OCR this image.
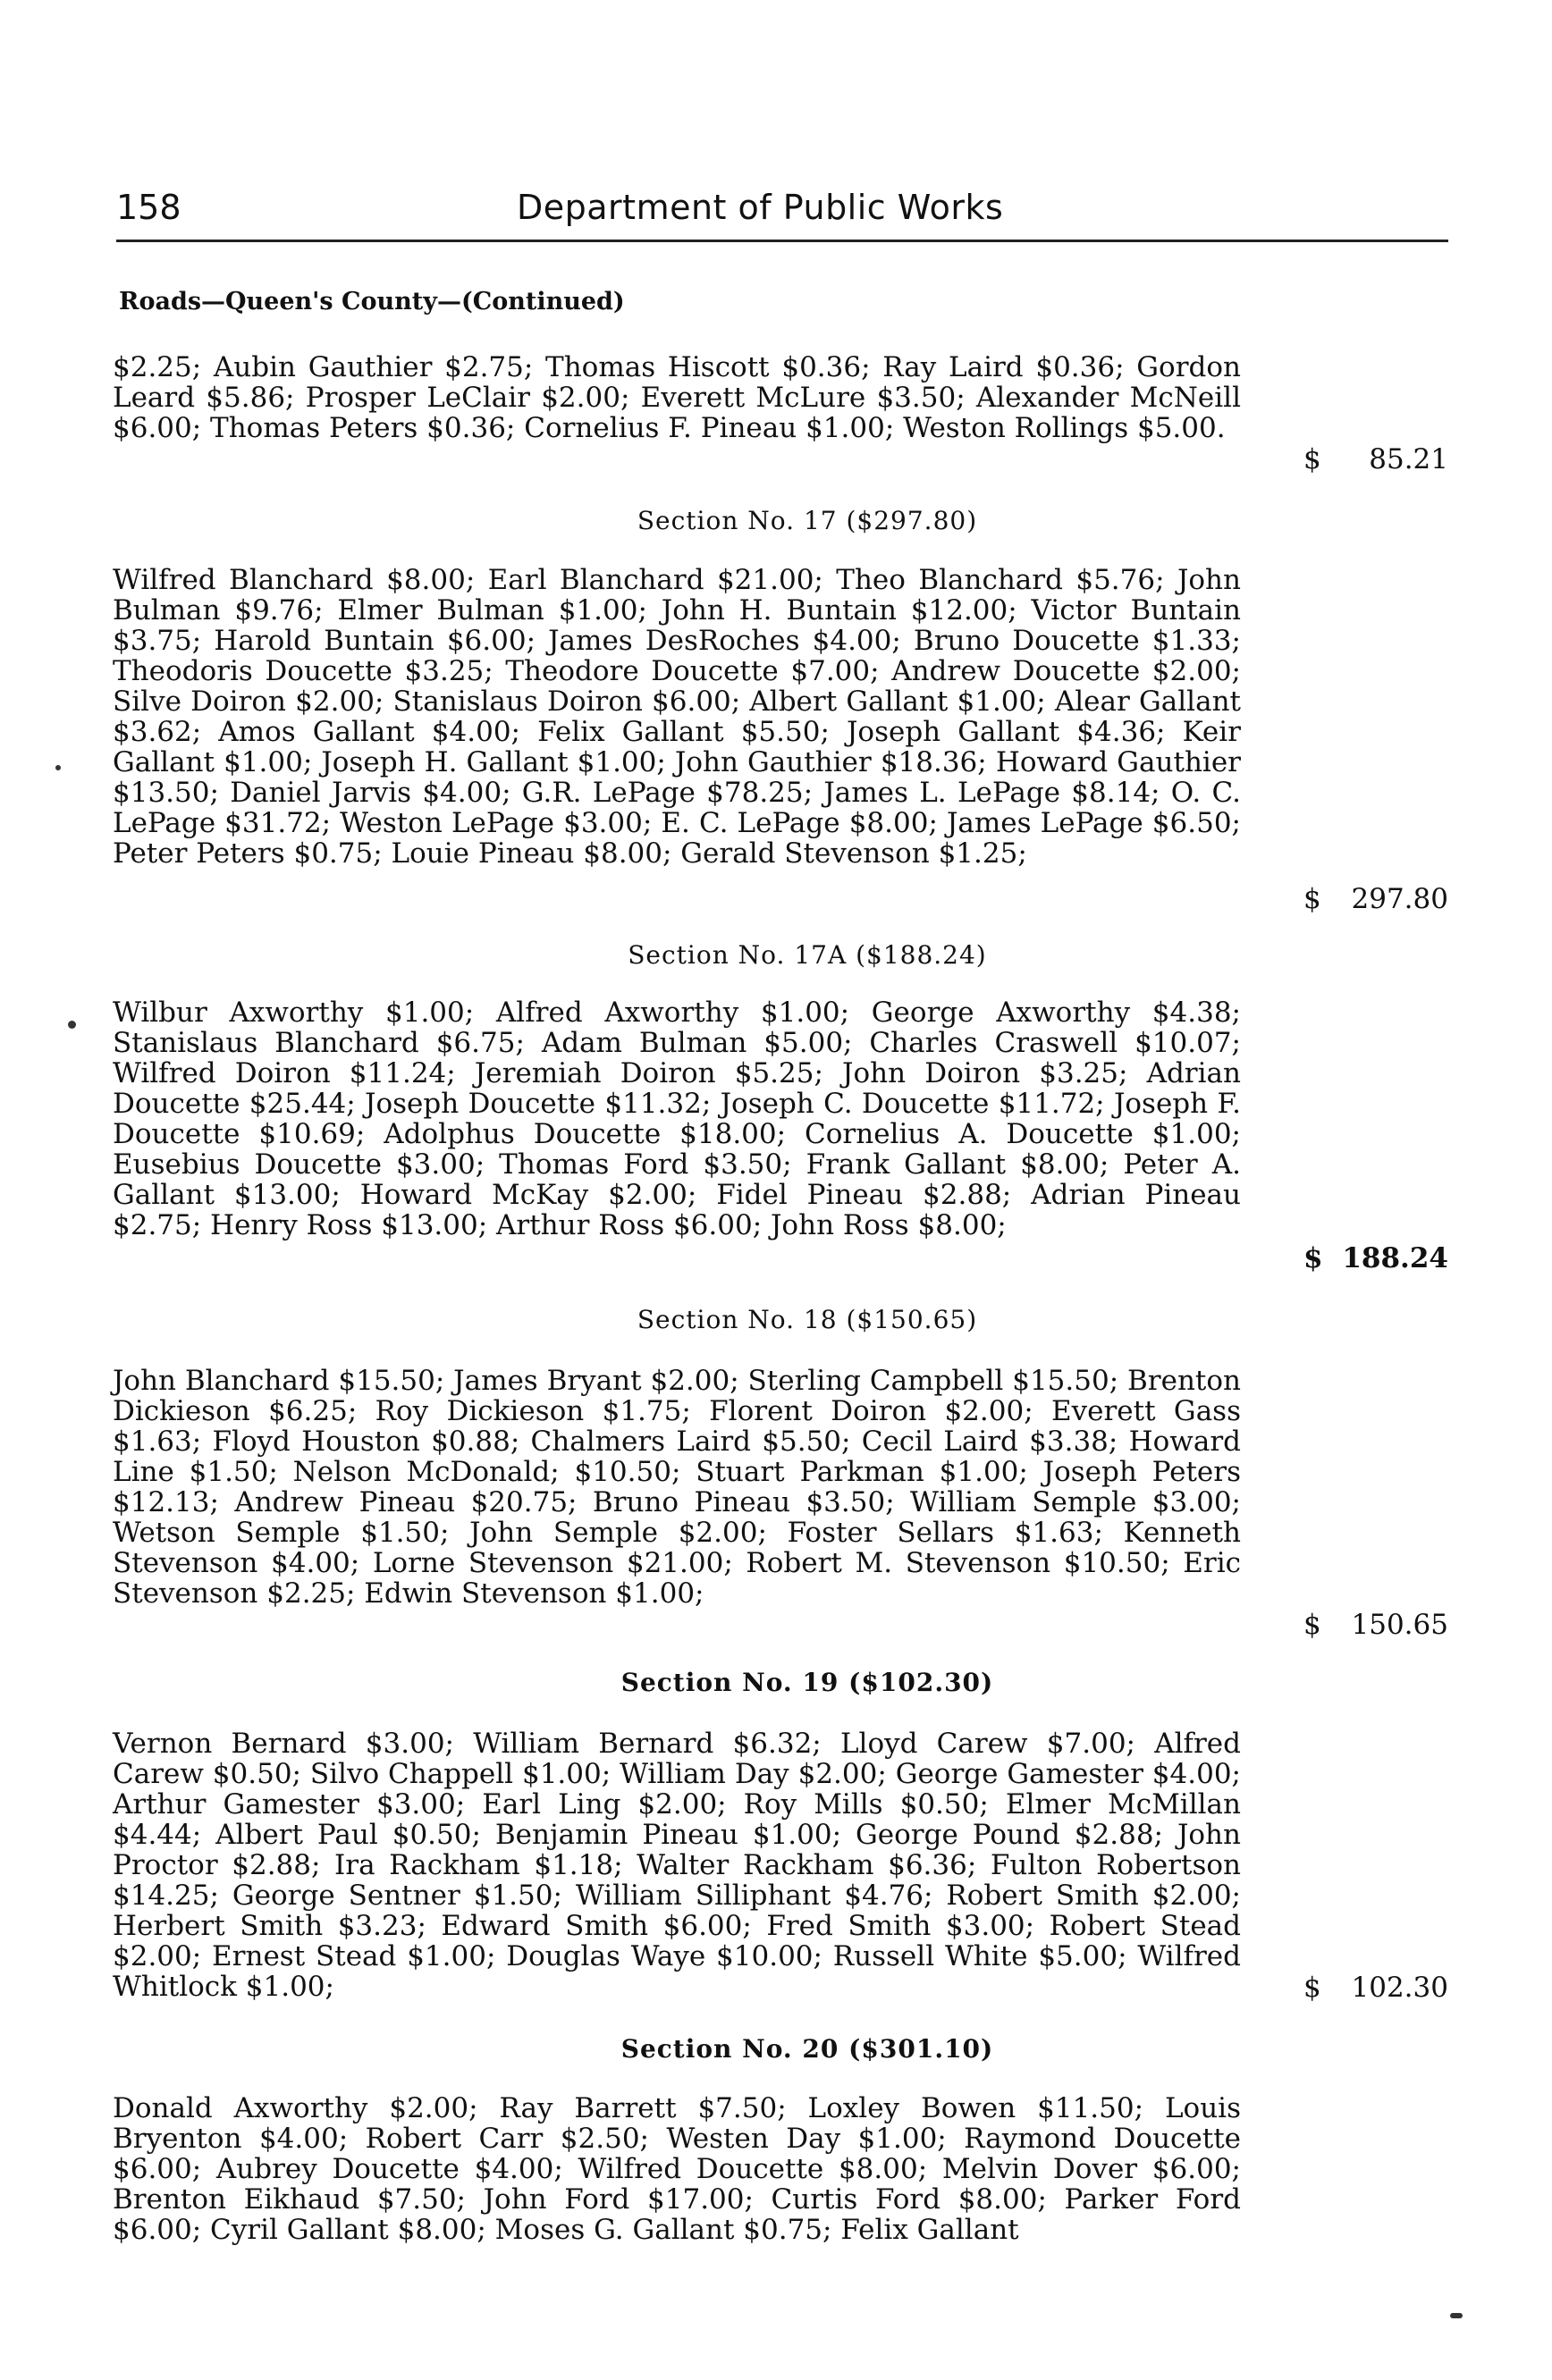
158	Department of Public Works
Roads—Queen's County—(Continued)
$2.25; Aubin Gauthier $2.75; Thomas Hiscott $0.36; Ray Laird $0.36; Gordon Leard $5.86; Prosper LeClair $2.00; Everett McLure $3.50; Alexander McNeill $6.00; Thomas Peters $0.36; Cornelius F. Pineau $1.00; Weston Rollings $5.00.
$ 85.21
Section No. 17 ($297.80)
Wilfred Blanchard $8.00; Earl Blanchard $21.00; Theo Blanchard $5.76; John Bulman $9.76; Elmer Bulman $1.00; John H. Buntain $12.00; Victor Buntain $3.75; Harold Buntain $6.00; James DesRoches $4.00; Bruno Doucette $1.33; Theodoris Doucette $3.25; Theodore Doucette $7.00; Andrew Doucette $2.00; Silve Doiron $2.00; Stanislaus Doiron $6.00; Albert Gallant $1.00; Alear Gallant $3.62; Amos Gallant $4.00; Felix Gallant $5.50; Joseph Gallant $4.36; Keir Gallant $1.00; Joseph H. Gallant $1.00; John Gauthier $18.36; Howard Gauthier $13.50; Daniel Jarvis $4.00; G.R. LePage $78.25; James L. LePage $8.14; O. C. LePage $31.72; Weston LePage $3.00; E. C. LePage $8.00; James LePage $6.50; Peter Peters $0.75; Louie Pineau $8.00; Gerald Stevenson $1.25;
$ 297.80
Section No. 17A ($188.24)
Wilbur Axworthy $1.00; Alfred Axworthy $1.00; George Axworthy $4.38; Stanislaus Blanchard $6.75; Adam Bulman $5.00; Charles Craswell $10.07; Wilfred Doiron $11.24; Jeremiah Doiron $5.25; John Doiron $3.25; Adrian Doucette $25.44; Joseph Doucette $11.32; Joseph C. Doucette $11.72; Joseph F. Doucette $10.69; Adolphus Doucette $18.00; Cornelius A. Doucette $1.00; Eusebius Doucette $3.00; Thomas Ford $3.50; Frank Gallant $8.00; Peter A. Gallant $13.00; Howard McKay $2.00; Fidel Pineau $2.88; Adrian Pineau $2.75; Henry Ross $13.00; Arthur Ross $6.00; John Ross $8.00;
$ 188.24
Section No. 18 ($150.65)
John Blanchard $15.50; James Bryant $2.00; Sterling Campbell $15.50; Brenton Dickieson $6.25; Roy Dickieson $1.75; Florent Doiron $2.00; Everett Gass $1.63; Floyd Houston $0.88; Chalmers Laird $5.50; Cecil Laird $3.38; Howard Line $1.50; Nelson McDonald; $10.50; Stuart Parkman $1.00; Joseph Peters $12.13; Andrew Pineau $20.75; Bruno Pineau $3.50; William Semple $3.00; Wetson Semple $1.50; John Semple $2.00; Foster Sellars $1.63; Kenneth Stevenson $4.00; Lorne Stevenson $21.00; Robert M. Stevenson $10.50; Eric Stevenson $2.25; Edwin Stevenson $1.00;
$ 150.65
Section No. 19 ($102.30)
Vernon Bernard $3.00; William Bernard $6.32; Lloyd Carew $7.00; Alfred Carew $0.50; Silvo Chappell $1.00; William Day $2.00; George Gamester $4.00; Arthur Gamester $3.00; Earl Ling $2.00; Roy Mills $0.50; Elmer McMillan $4.44; Albert Paul $0.50; Benjamin Pineau $1.00; George Pound $2.88; John Proctor $2.88; Ira Rackham $1.18; Walter Rackham $6.36; Fulton Robertson $14.25; George Sentner $1.50; William Silliphant $4.76; Robert Smith $2.00; Herbert Smith $3.23; Edward Smith $6.00; Fred Smith $3.00; Robert Stead $2.00; Ernest Stead $1.00; Douglas Waye $10.00; Russell White $5.00; Wilfred Whitlock $1.00;	$ 102.30
Section No. 20 ($301.10)
Donald Axworthy $2.00; Ray Barrett $7.50; Loxley Bowen $11.50; Louis Bryenton $4.00; Robert Carr $2.50; Westen Day $1.00; Raymond Doucette $6.00; Aubrey Doucette $4.00; Wilfred Doucette $8.00; Melvin Dover $6.00; Brenton Eikhaud $7.50; John Ford $17.00; Curtis Ford $8.00; Parker Ford $6.00; Cyril Gallant $8.00; Moses G. Gallant $0.75; Felix Gallant
